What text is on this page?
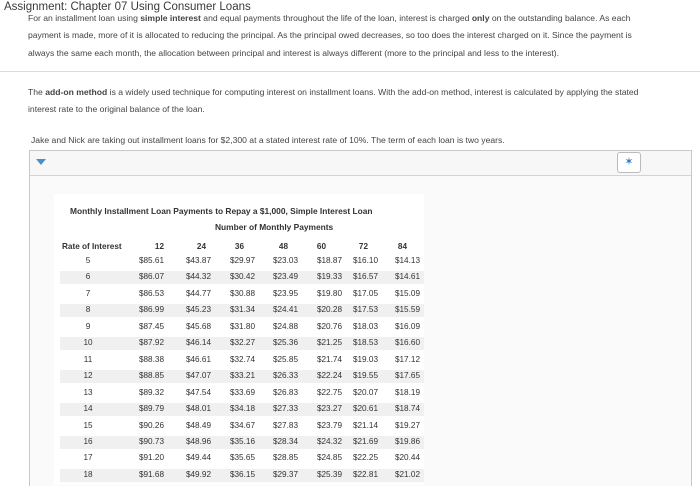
Assignment: Chapter 07 Using Consumer Loans
For an installment loan using simple interest and equal payments throughout the life of the loan, interest is charged only on the outstanding balance. As each payment is made, more of it is allocated to reducing the principal. As the principal owed decreases, so too does the interest charged on it. Since the payment is always the same each month, the allocation between principal and interest is always different (more to the principal and less to the interest).
The add-on method is a widely used technique for computing interest on installment loans. With the add-on method, interest is calculated by applying the stated interest rate to the original balance of the loan.
Jake and Nick are taking out installment loans for $2,300 at a stated interest rate of 10%. The term of each loan is two years.
✶
Monthly Installment Loan Payments to Repay a $1,000, Simple Interest Loan
Number of Monthly Payments
Rate of Interest	12	24	36	48	60	72	84
5	$85.61	$43.87 $29.97 $23.03 $18.87 $16.10 $14.13
6	$86.07	$44.32 $30.42 $23.49 $19.33 $16.57 $14.61
7	$86.53	$44.77 $30.88 $23.95 $19.80 $17.05 $15.09
8	$86.99	$45.23 $31.34 $24.41 $20.28 $17.53 $15.59
9	$87.45	$45.68 $31.80 $24.88 $20.76 $18.03 $16.09
10	$87.92	$46.14 $32.27 $25.36 $21.25 $18.53 $16.60
11	$88.38	$46.61 $32.74 $25.85 $21.74 $19.03 $17.12
12	$88.85	$47.07 $33.21 $26.33 $22.24 $19.55 $17.65
13	$89.32	$47.54 $33.69 $26.83 $22.75 $20.07 $18.19
14	$89.79	$48.01 $34.18 $27.33 $23.27 $20.61 $18.74
15	$90.26	$48.49 $34.67 $27.83 $23.79 $21.14 $19.27
16	$90.73	$48.96 $35.16 $28.34 $24.32 $21.69 $19.86
17	$91.20	$49.44 $35.65 $28.85 $24.85 $22.25 $20.44
18	$91.68	$49.92 $36.15 $29.37 $25.39 $22.81 $21.02
